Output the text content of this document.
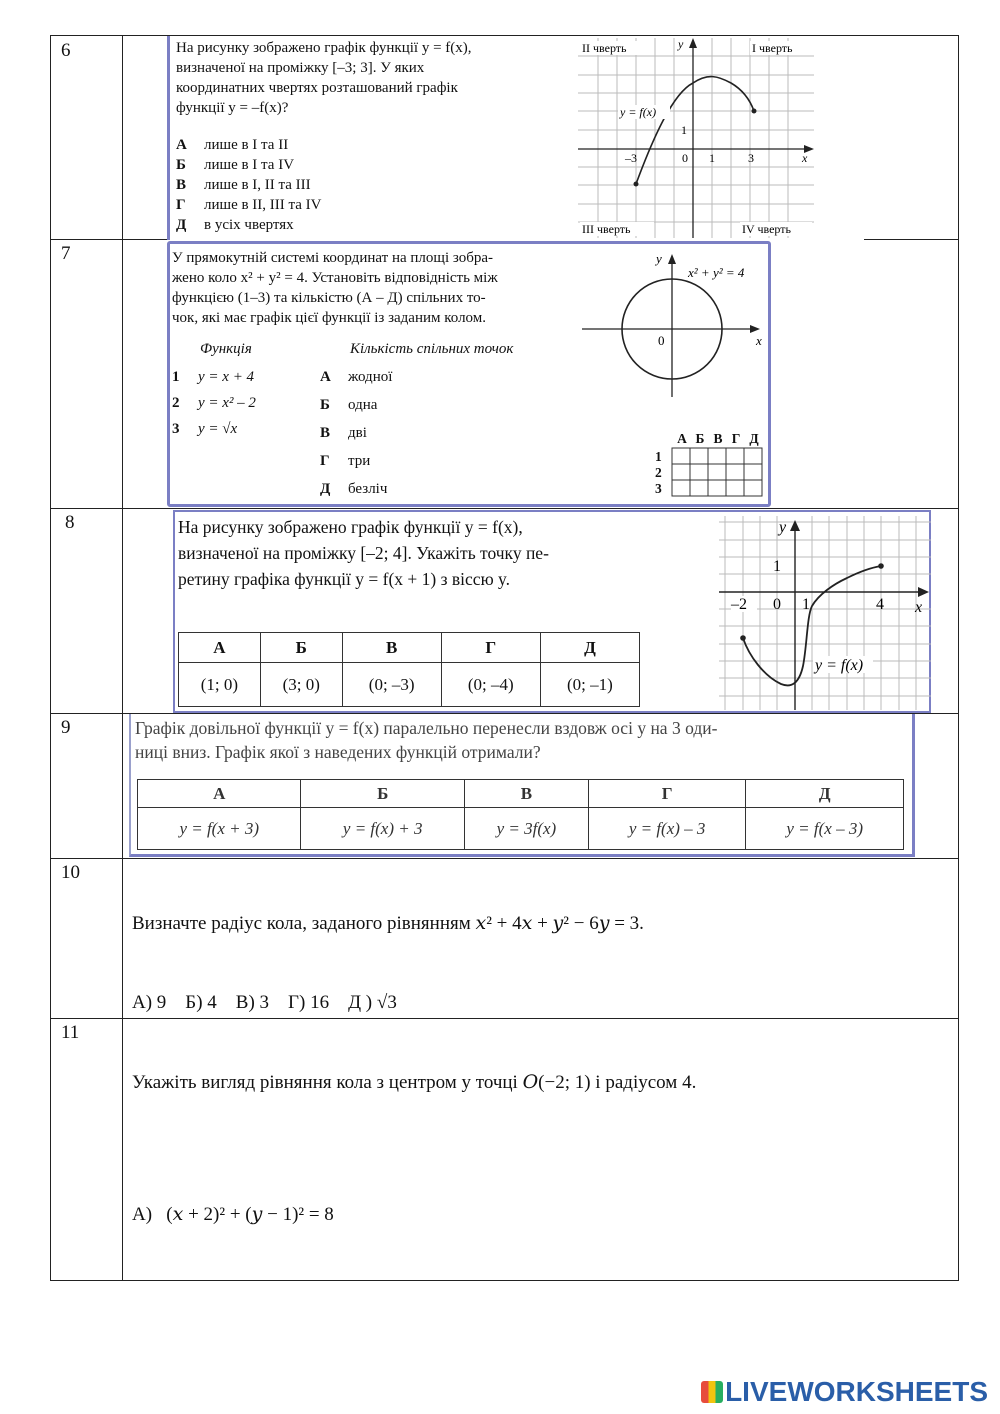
6	На рисунку зображено графік функції y = f(x),
визначеної на проміжку [–3; 3]. У яких
координатних чвертях розташований графік
функції y = –f(x)?
А лише в I та II
Б лише в I та IV
В лише в I, II та III
Г лише в II, III та IV
Д в усіх чвертях
II чверть	I чверть
III чверть	IV чверть
y
x
y = f(x)
–3	0 1	3
1
7	У прямокутній системі координат на площі зобра-
жено коло x² + y² = 4. Установіть відповідність між
функцією (1–3) та кількістю (А – Д) спільних то-
чок, які має графік цієї функції із заданим колом.
Функція	Кількість спільних точок
1 y = x + 4
2 y = x² – 2
3 y = √x
А жодної
Б одна
В дві
Г три
Д безліч
y
x
0
x² + y² = 4
А Б В Г Д
1
2
3
8	На рисунку зображено графік функції y = f(x),
визначеної на проміжку [–2; 4]. Укажіть точку пе-
ретину графіка функції y = f(x + 1) з віссю y.
А	Б	В	Г	Д
(1; 0)	(3; 0)	(0; –3)	(0; –4)	(0; –1)
y
x
–2 0 1	4
1
y = f(x)
9	Графік довільної функції y = f(x) паралельно перенесли вздовж осі y на 3 оди-
ниці вниз. Графік якої з наведених функцій отримали?
А	Б	В	Г	Д
y = f(x + 3)	y = f(x) + 3	y = 3f(x)	y = f(x) – 3	y = f(x – 3)
10
Визначте радіус кола, заданого рівнянням 𝑥² + 4𝑥 + 𝑦² − 6𝑦 = 3.
А) 9    Б) 4    В) 3    Г) 16    Д ) √3
11
Укажіть вигляд рівняння кола з центром у точці 𝑂(−2; 1) і радіусом 4.
А)   (𝑥 + 2)² + (𝑦 − 1)² = 8
LIVEWORKSHEETS
